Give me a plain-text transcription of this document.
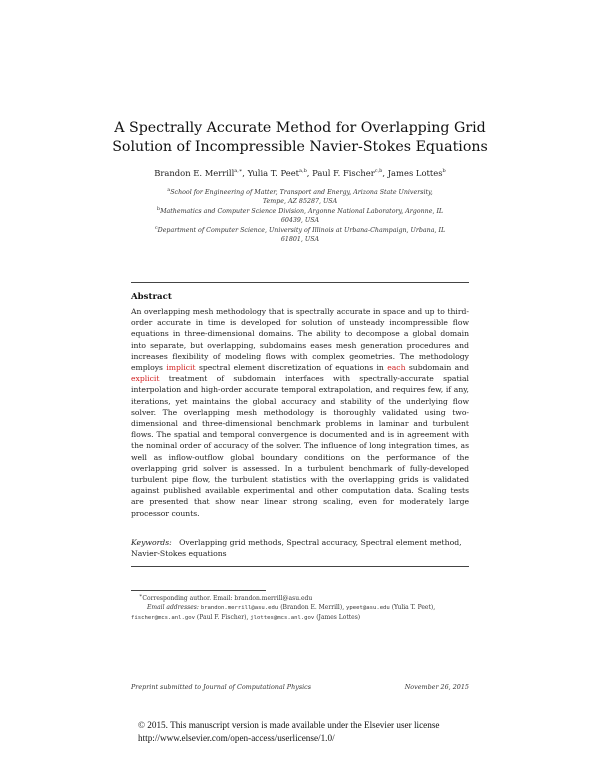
A Spectrally Accurate Method for Overlapping Grid
Solution of Incompressible Navier-Stokes Equations
Brandon E. Merrill$^{a,∗}$, Yulia T. Peet$^{a,b}$, Paul F. Fischer$^{c,b}$, James Lottes$^b$
$^a$School for Engineering of Matter, Transport and Energy, Arizona State University,
Tempe, AZ 85287, USA
$^b$Mathematics and Computer Science Division, Argonne National Laboratory, Argonne, IL
60439, USA
$^c$Department of Computer Science, University of Illinois at Urbana-Champaign, Urbana, IL
61801, USA
Abstract
An overlapping mesh methodology that is spectrally accurate in space and up to third-order accurate in time is developed for solution of unsteady incompressible flow equations in three-dimensional domains. The ability to decompose a global domain into separate, but overlapping, subdomains eases mesh generation procedures and increases flexibility of modeling flows with complex geometries. The methodology employs implicit spectral element discretization of equations in each subdomain and explicit treatment of subdomain interfaces with spectrally-accurate spatial interpolation and high-order accurate temporal extrapolation, and requires few, if any, iterations, yet maintains the global accuracy and stability of the underlying flow solver. The overlapping mesh methodology is thoroughly validated using two-dimensional and three-dimensional benchmark problems in laminar and turbulent flows. The spatial and temporal convergence is documented and is in agreement with the nominal order of accuracy of the solver. The influence of long integration times, as well as inflow-outflow global boundary conditions on the performance of the overlapping grid solver is assessed. In a turbulent benchmark of fully-developed turbulent pipe flow, the turbulent statistics with the overlapping grids is validated against published available experimental and other computation data. Scaling tests are presented that show near linear strong scaling, even for moderately large processor counts.
Keywords: Overlapping grid methods, Spectral accuracy, Spectral element method, Navier-Stokes equations
∗Corresponding author. Email: brandon.merrill@asu.edu
Email addresses: brandon.merrill@asu.edu (Brandon E. Merrill), ypeet@asu.edu (Yulia T. Peet), fischer@mcs.anl.gov (Paul F. Fischer), jlottes@mcs.anl.gov (James Lottes)
Preprint submitted to Journal of Computational Physics	November 26, 2015
© 2015. This manuscript version is made available under the Elsevier user license
http://www.elsevier.com/open-access/userlicense/1.0/
